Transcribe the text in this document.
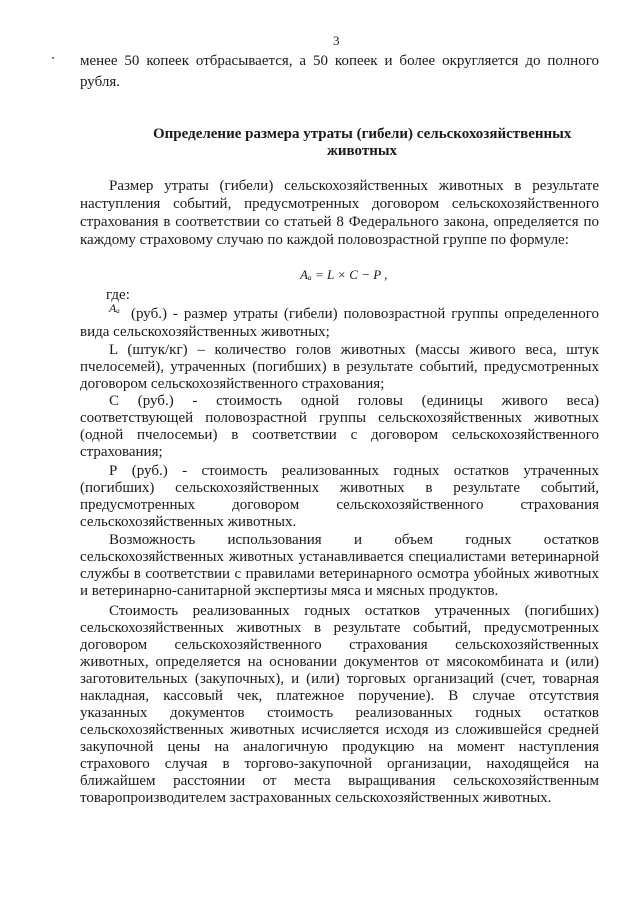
3
менее 50 копеек отбрасывается, а 50 копеек и более округляется до полного
рубля.
Определение размера утраты (гибели) сельскохозяйственных
животных
Размер утраты (гибели) сельскохозяйственных животных в результате
наступления событий, предусмотренных договором сельскохозяйственного
страхования в соответствии со статьей 8 Федерального закона, определяется по
каждому страховому случаю по каждой половозрастной группе по формуле:
Aₐ = L × C − P ,
где:
Aₐ (руб.) - размер утраты (гибели) половозрастной группы определенного
вида сельскохозяйственных животных;
L (штук/кг) – количество голов животных (массы живого веса, штук
пчелосемей), утраченных (погибших) в результате событий, предусмотренных
договором сельскохозяйственного страхования;
С (руб.) - стоимость одной головы (единицы живого веса)
соответствующей половозрастной группы сельскохозяйственных животных
(одной пчелосемьи) в соответствии с договором сельскохозяйственного
страхования;
Р (руб.) - стоимость реализованных годных остатков утраченных
(погибших) сельскохозяйственных животных в результате событий,
предусмотренных договором сельскохозяйственного страхования
сельскохозяйственных животных.
Возможность использования и объем годных остатков
сельскохозяйственных животных устанавливается специалистами ветеринарной
службы в соответствии с правилами ветеринарного осмотра убойных животных
и ветеринарно-санитарной экспертизы мяса и мясных продуктов.
Стоимость реализованных годных остатков утраченных (погибших)
сельскохозяйственных животных в результате событий, предусмотренных
договором сельскохозяйственного страхования сельскохозяйственных
животных, определяется на основании документов от мясокомбината и (или)
заготовительных (закупочных), и (или) торговых организаций (счет, товарная
накладная, кассовый чек, платежное поручение). В случае отсутствия
указанных документов стоимость реализованных годных остатков
сельскохозяйственных животных исчисляется исходя из сложившейся средней
закупочной цены на аналогичную продукцию на момент наступления
страхового случая в торгово-закупочной организации, находящейся на
ближайшем расстоянии от места выращивания сельскохозяйственным
товаропроизводителем застрахованных сельскохозяйственных животных.
